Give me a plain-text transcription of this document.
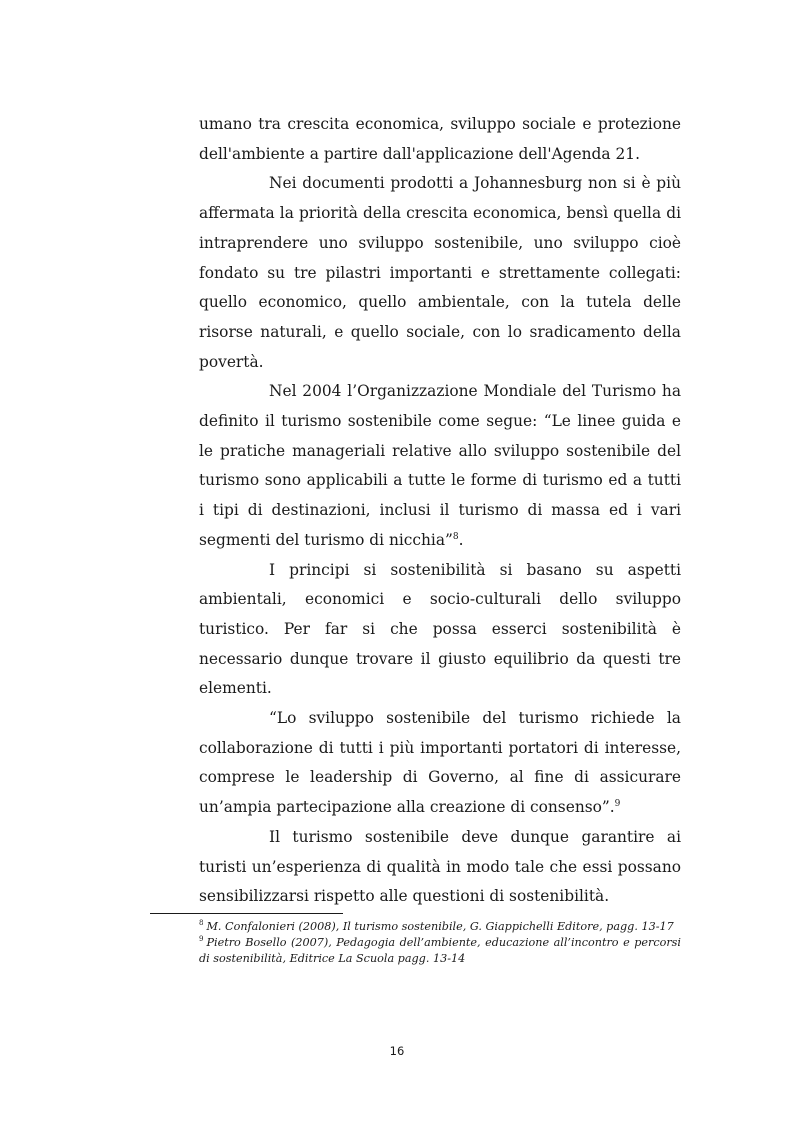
umano tra crescita economica, sviluppo sociale e protezione dell'ambiente a partire dall'applicazione dell'Agenda 21.

Nei documenti prodotti a Johannesburg non si è più affermata la priorità della crescita economica, bensì quella di intraprendere uno sviluppo sostenibile, uno sviluppo cioè fondato su tre pilastri importanti e strettamente collegati: quello economico, quello ambientale, con la tutela delle risorse naturali, e quello sociale, con lo sradicamento della povertà.

Nel 2004 l’Organizzazione Mondiale del Turismo ha definito il turismo sostenibile come segue: “Le linee guida e le pratiche manageriali relative allo sviluppo sostenibile del turismo sono applicabili a tutte le forme di turismo ed a tutti i tipi di destinazioni, inclusi il turismo di massa ed i vari segmenti del turismo di nicchia”$^8$.

I principi si sostenibilità si basano su aspetti ambientali, economici e socio-culturali dello sviluppo turistico. Per far si che possa esserci sostenibilità è necessario dunque trovare il giusto equilibrio da questi tre elementi.

“Lo sviluppo sostenibile del turismo richiede la collaborazione di tutti i più importanti portatori di interesse, comprese le leadership di Governo, al fine di assicurare un’ampia partecipazione alla creazione di consenso”.$^9$

Il turismo sostenibile deve dunque garantire ai turisti un’esperienza di qualità in modo tale che essi possano sensibilizzarsi rispetto alle questioni di sostenibilità.

$^8$ M. Confalonieri (2008), Il turismo sostenibile, G. Giappichelli Editore, pagg. 13-17

$^9$ Pietro Bosello (2007), Pedagogia dell’ambiente, educazione all’incontro e percorsi di sostenibilità, Editrice La Scuola pagg. 13-14

16
